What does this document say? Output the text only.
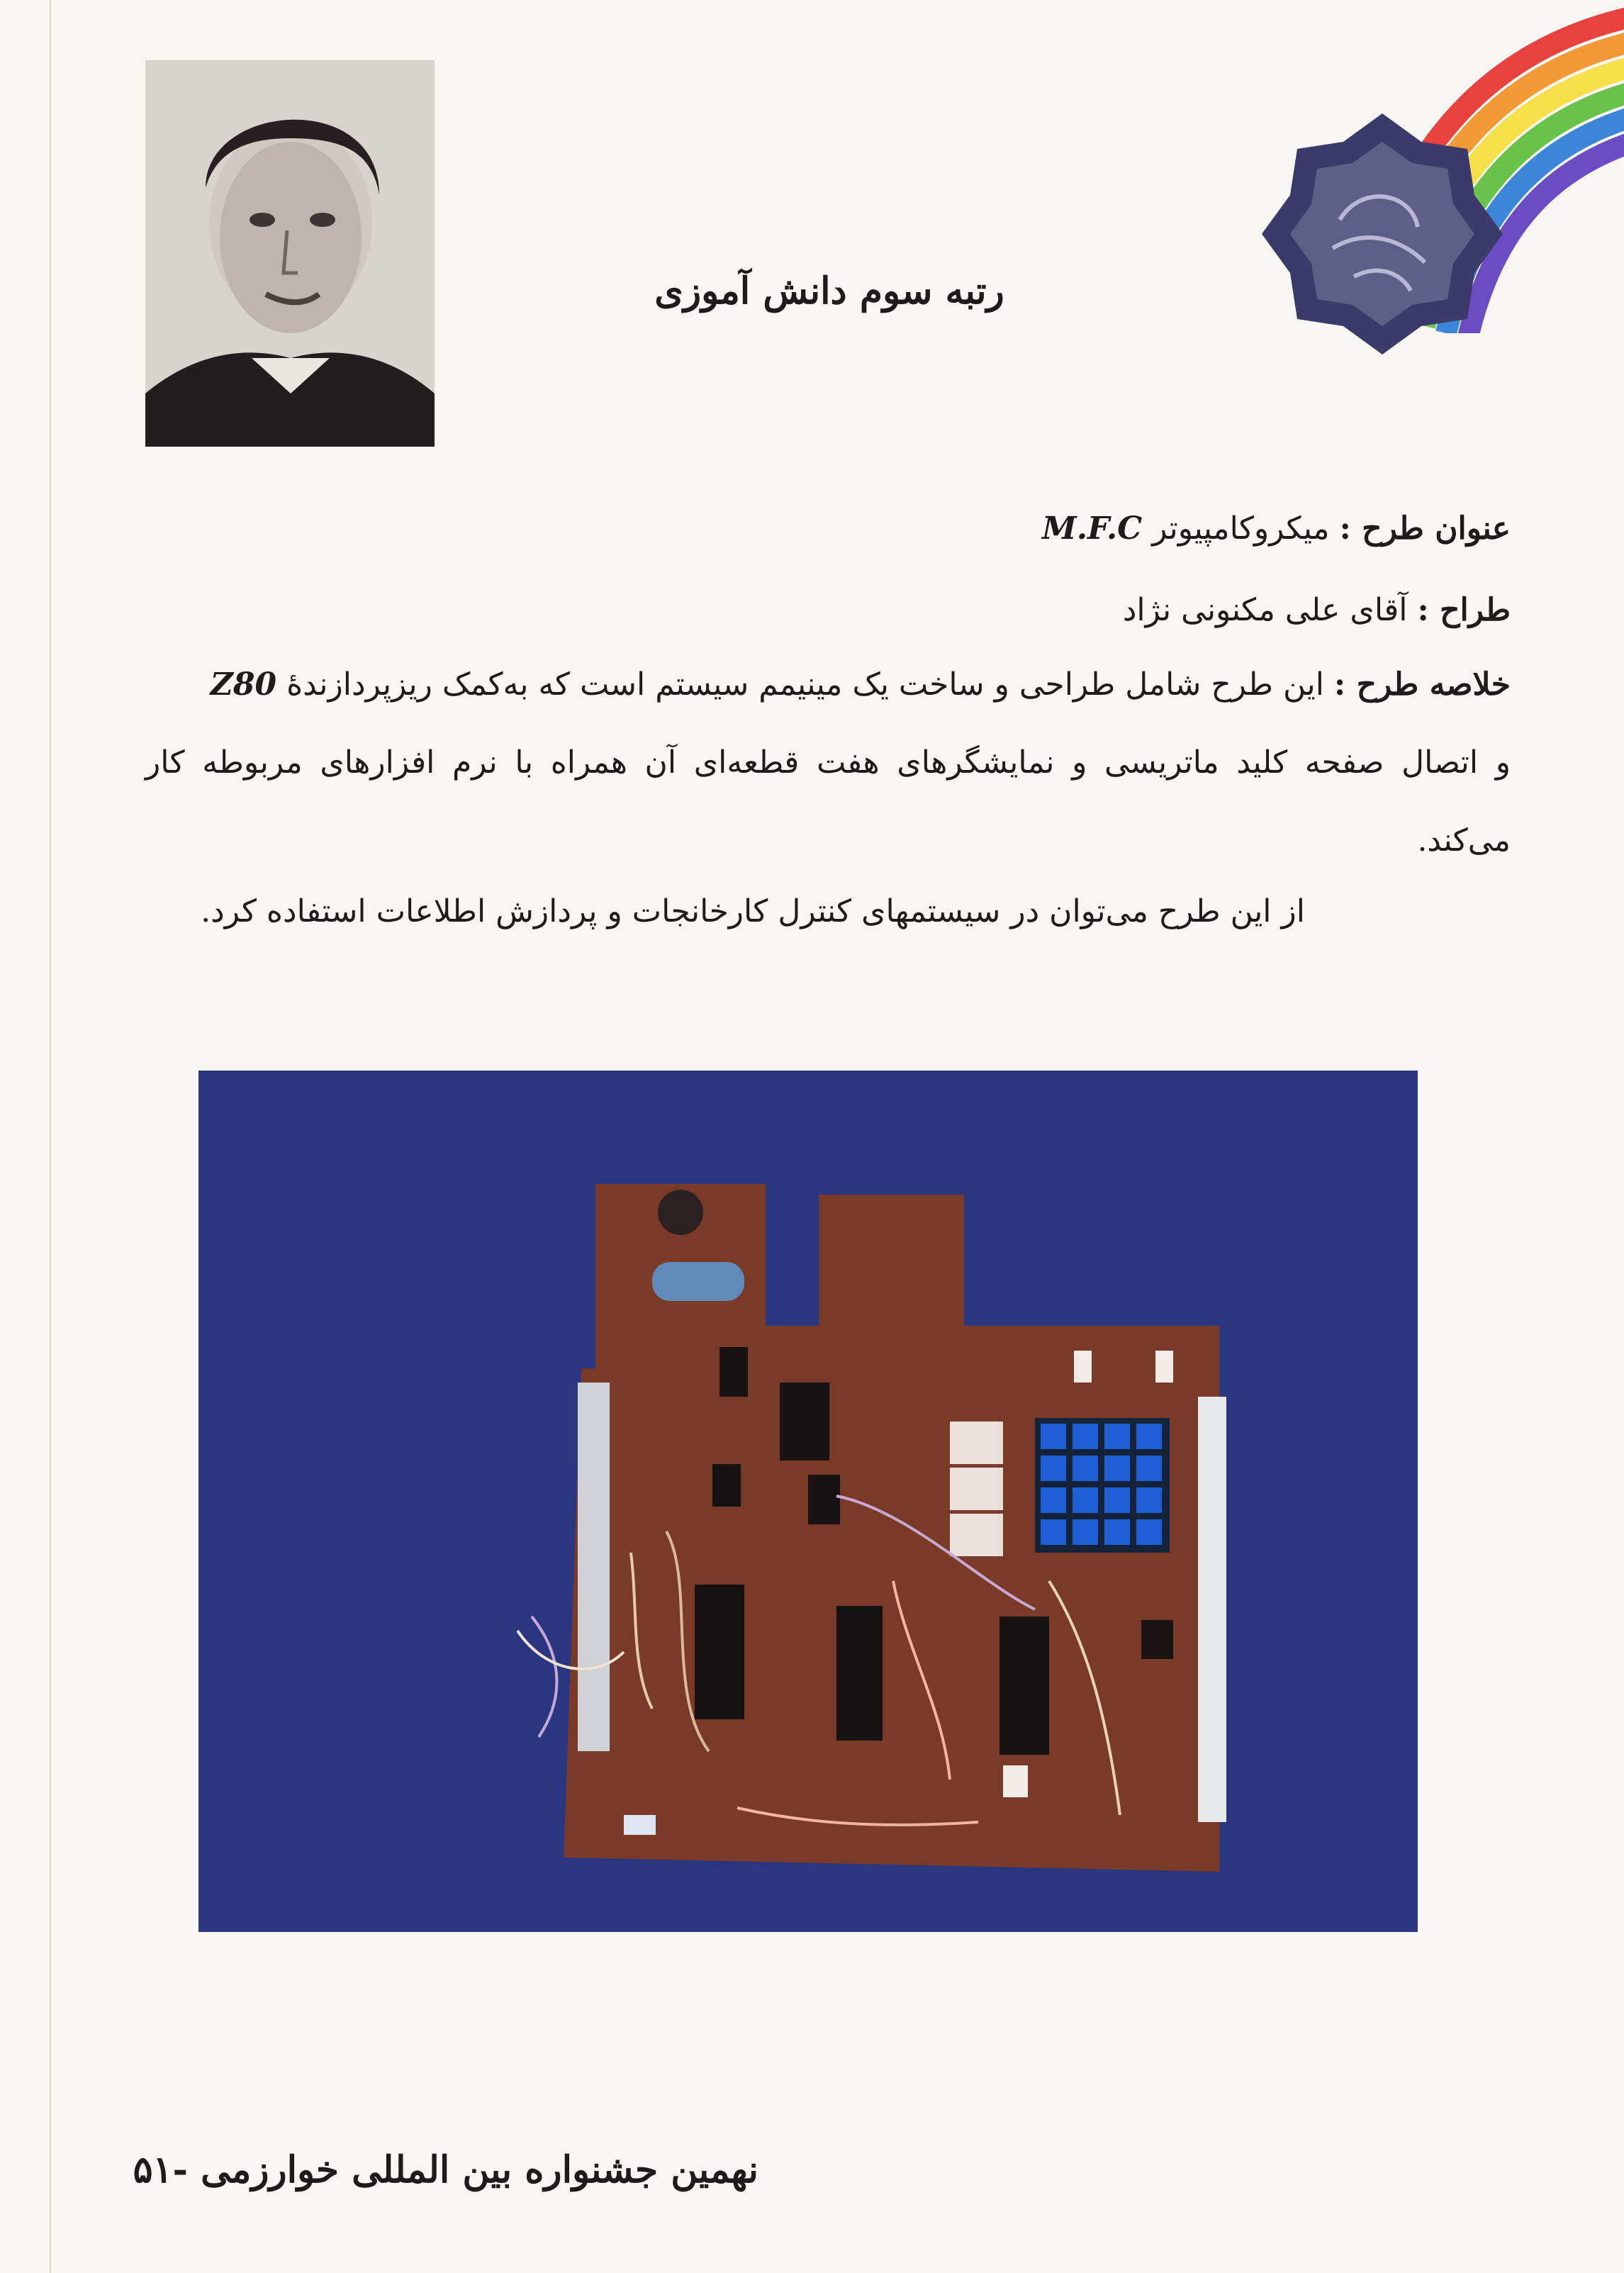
رتبه سوم دانش آموزی
عنوان طرح : میکروکامپیوتر M.F.C
طراح : آقای علی مکنونی نژاد
خلاصه طرح : این طرح شامل طراحی و ساخت یک مینیمم سیستم است که به‌کمک ریزپردازندهٔ Z80
و اتصال صفحه کلید ماتریسی و نمایشگرهای هفت قطعه‌ای آن همراه با نرم افزارهای مربوطه کار
می‌کند.
از این طرح می‌توان در سیستمهای کنترل کارخانجات و پردازش اطلاعات استفاده کرد.
نهمین جشنواره بین المللی خوارزمی -۵۱
